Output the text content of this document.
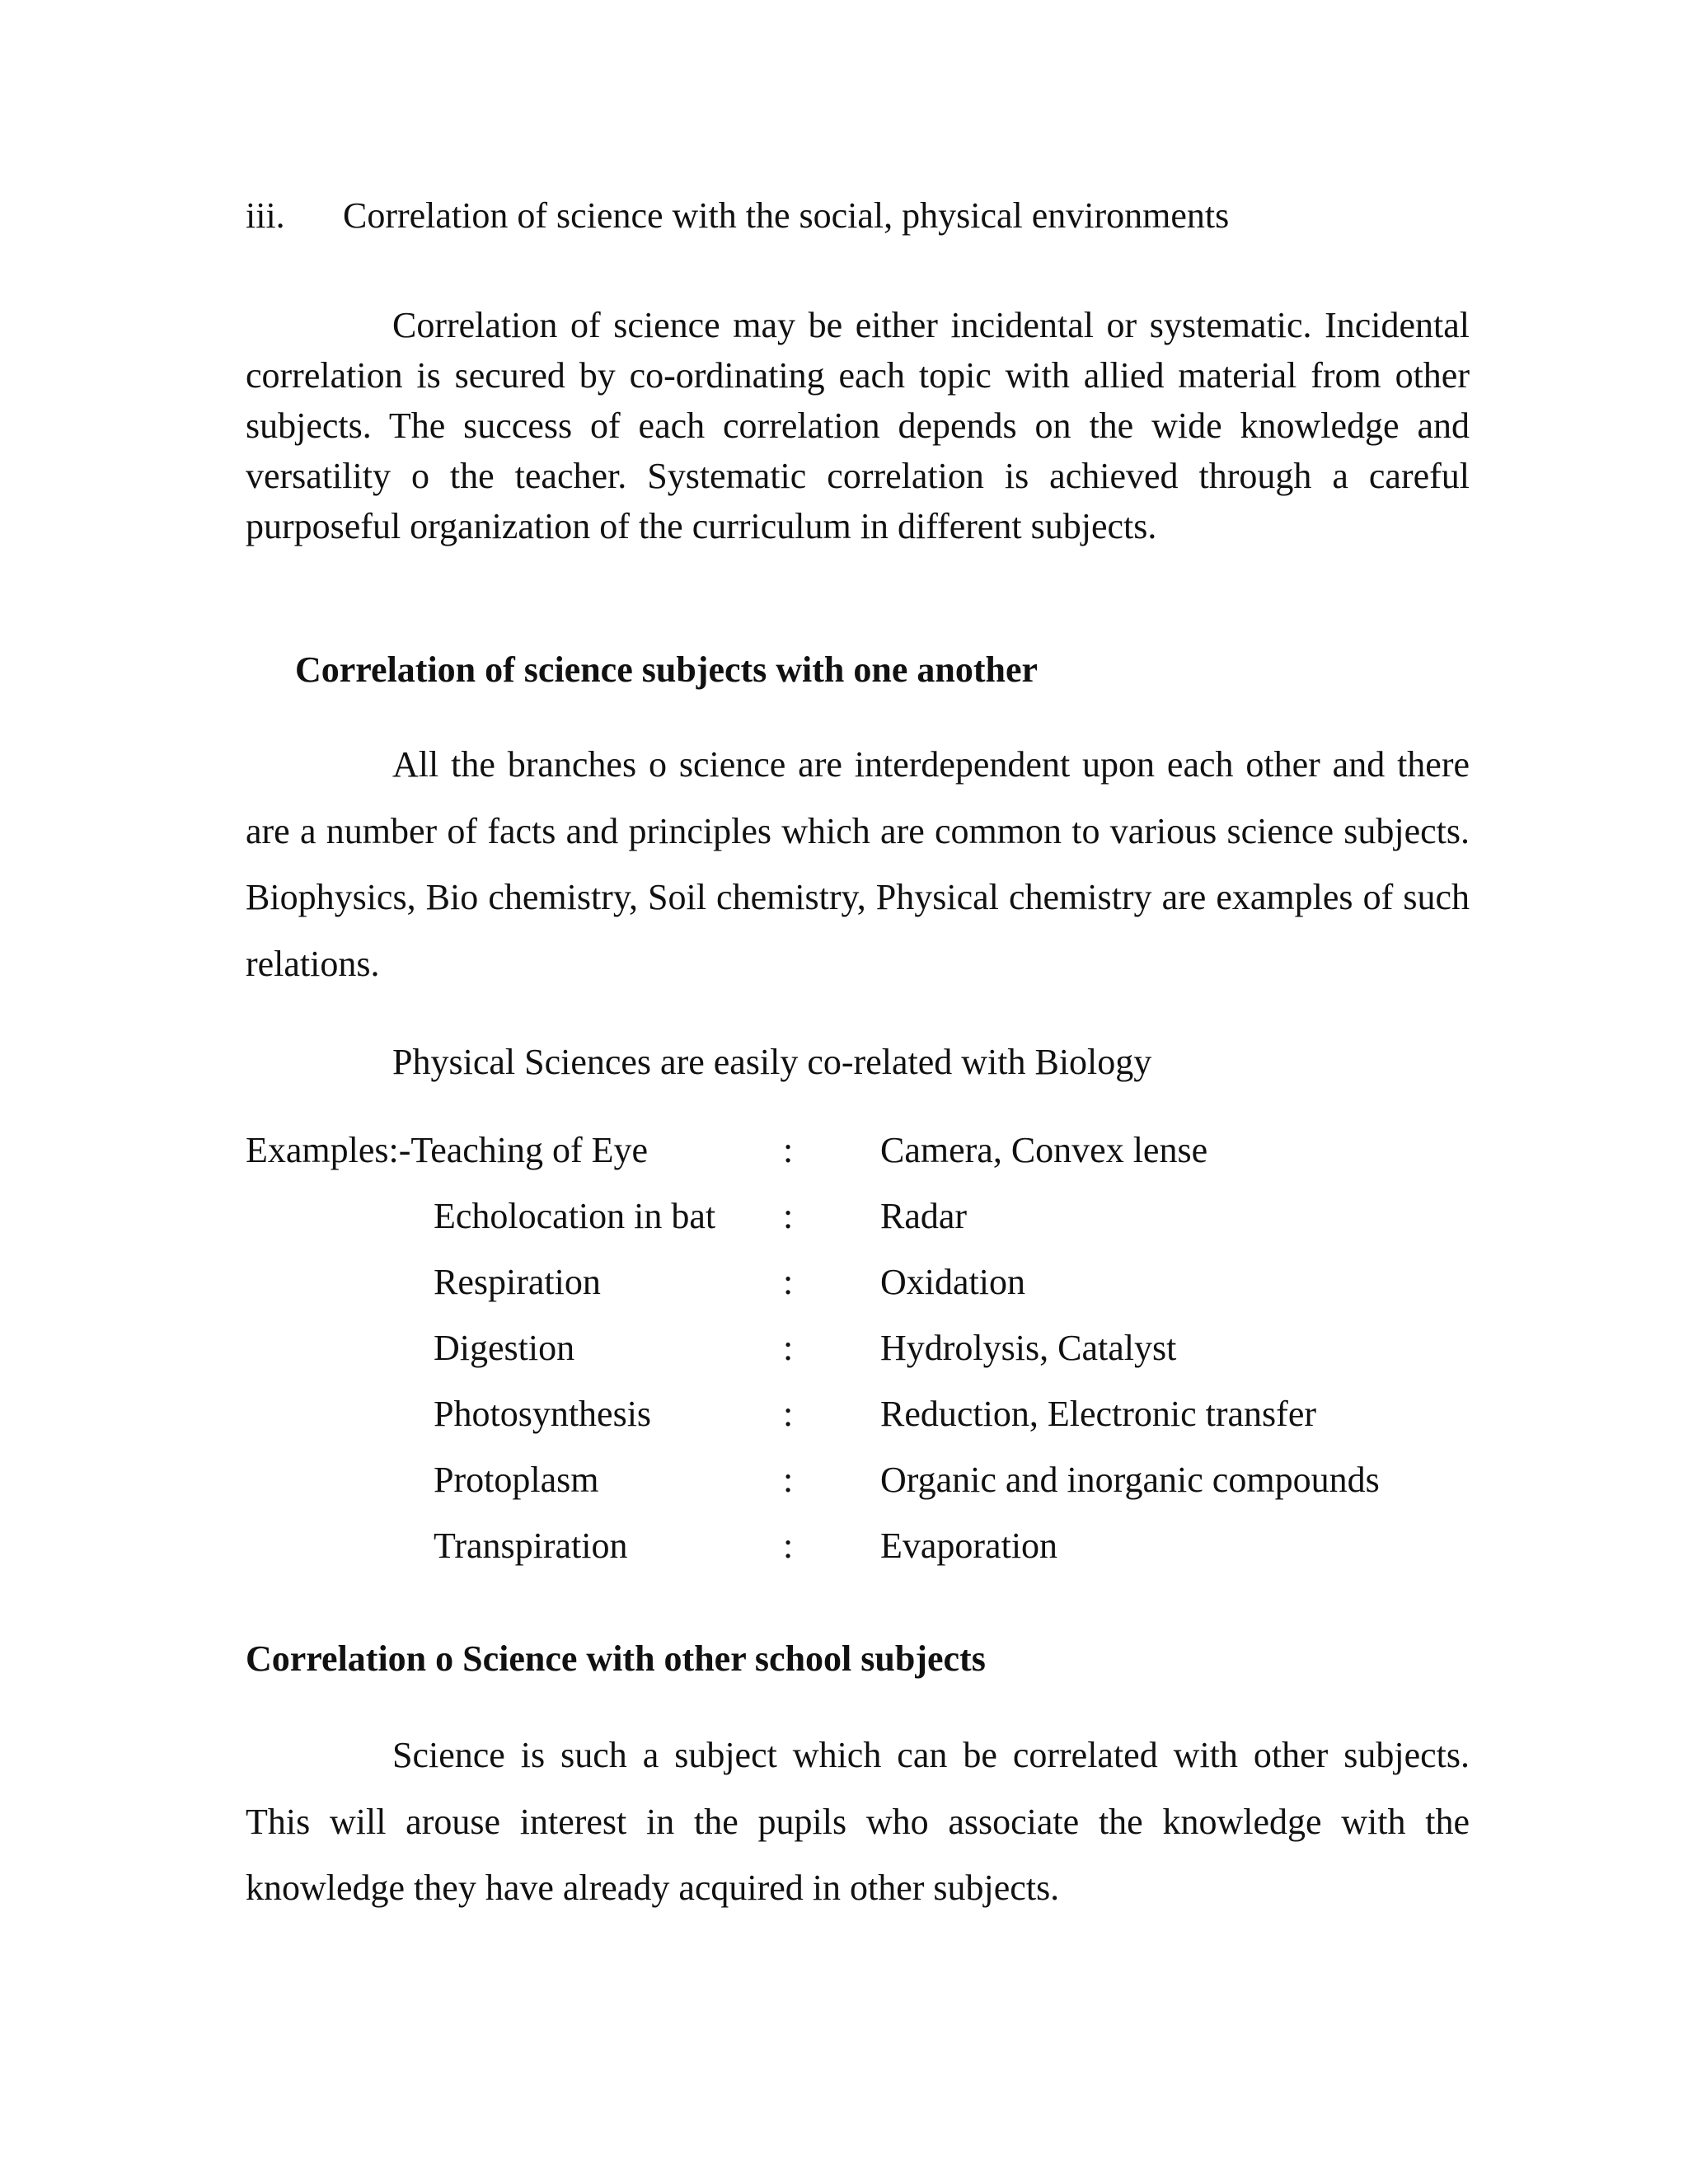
iii. Correlation of science with the social, physical environments

Correlation of science may be either incidental or systematic. Incidental correlation is secured by co-ordinating each topic with allied material from other subjects. The success of each correlation depends on the wide knowledge and versatility o the teacher. Systematic correlation is achieved through a careful purposeful organization of the curriculum in different subjects.

Correlation of science subjects with one another

All the branches o science are interdependent upon each other and there are a number of facts and principles which are common to various science subjects. Biophysics, Bio chemistry, Soil chemistry, Physical chemistry are examples of such relations.

Physical Sciences are easily co-related with Biology
Examples:-Teaching of Eye	: Camera, Convex lense
Echolocation in bat : Radar
Respiration	: Oxidation
Digestion	: Hydrolysis, Catalyst
Photosynthesis	: Reduction, Electronic transfer
Protoplasm	: Organic and inorganic compounds
Transpiration	: Evaporation
Correlation o Science with other school subjects

Science is such a subject which can be correlated with other subjects. This will arouse interest in the pupils who associate the knowledge with the knowledge they have already acquired in other subjects.
